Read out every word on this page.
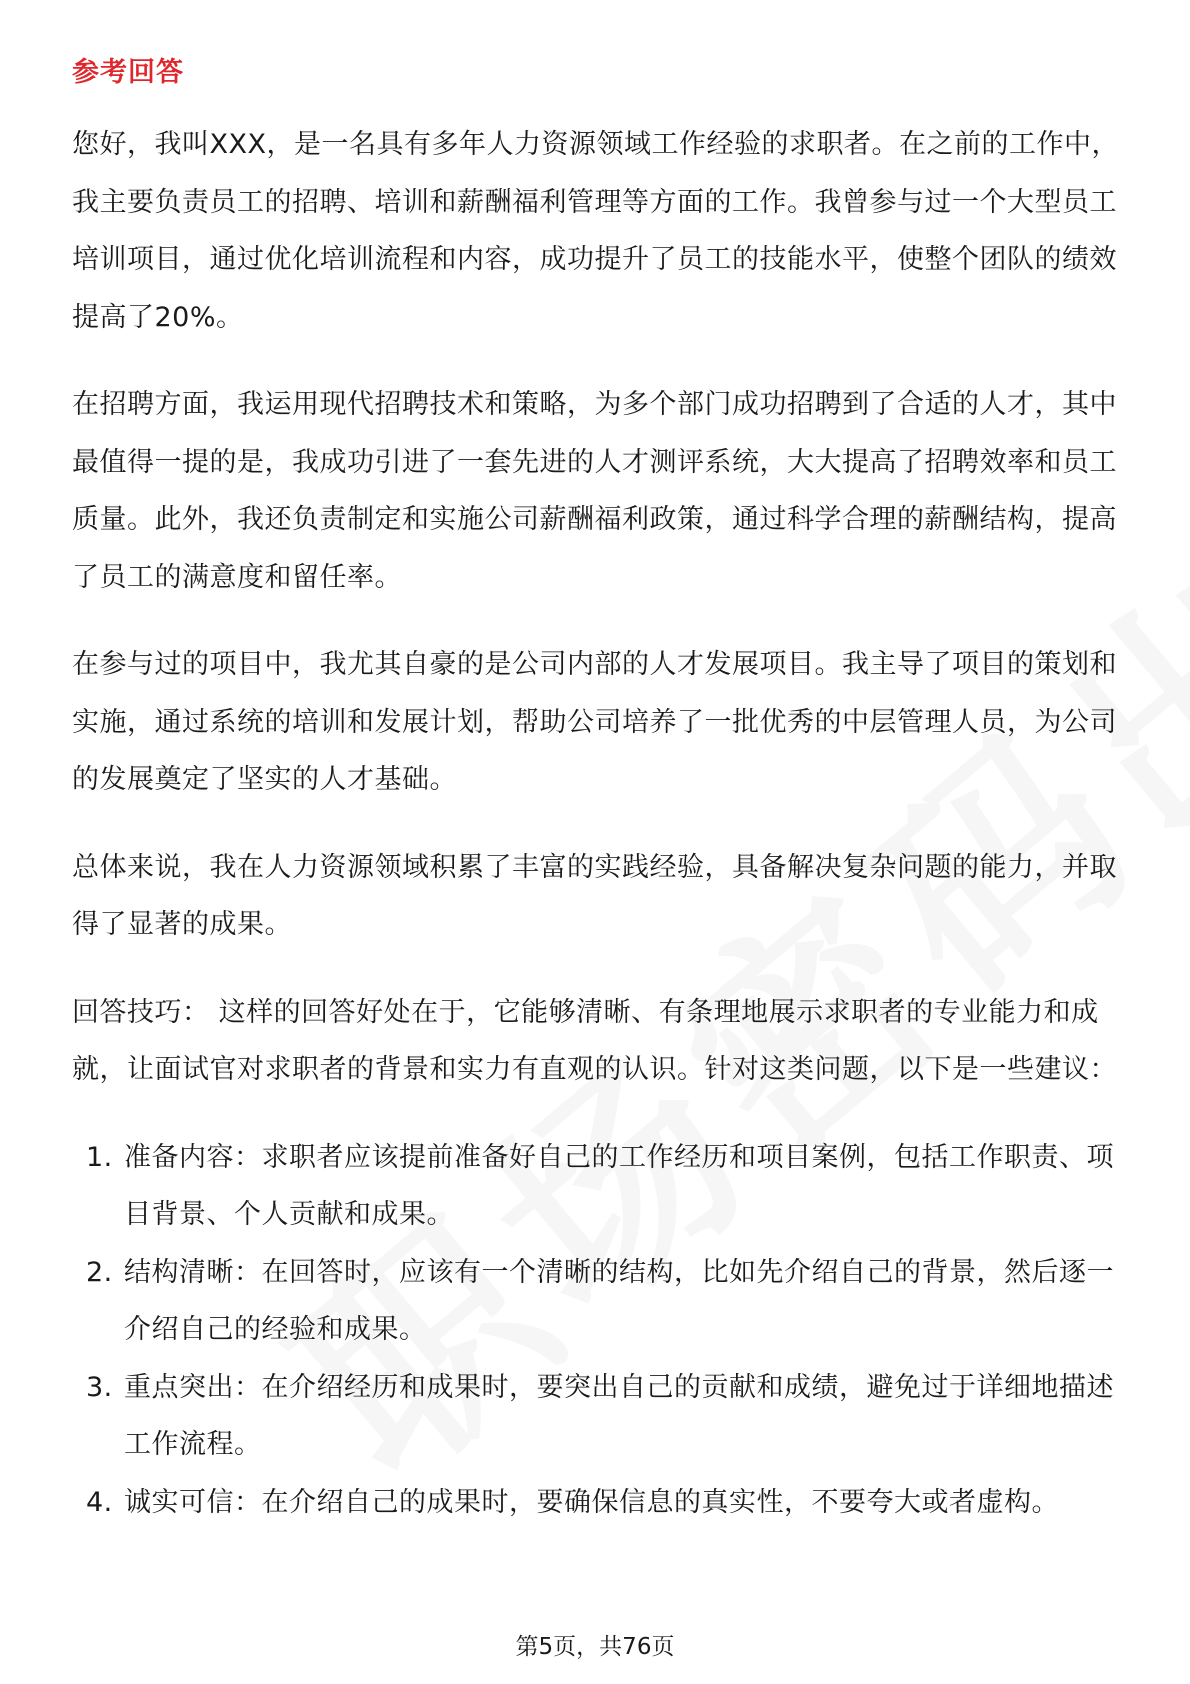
参考回答

您好，我叫XXX，是一名具有多年人力资源领域工作经验的求职者。在之前的工作中，我主要负责员工的招聘、培训和薪酬福利管理等方面的工作。我曾参与过一个大型员工培训项目，通过优化培训流程和内容，成功提升了员工的技能水平，使整个团队的绩效提高了20%。

在招聘方面，我运用现代招聘技术和策略，为多个部门成功招聘到了合适的人才，其中最值得一提的是，我成功引进了一套先进的人才测评系统，大大提高了招聘效率和员工质量。此外，我还负责制定和实施公司薪酬福利政策，通过科学合理的薪酬结构，提高了员工的满意度和留任率。

在参与过的项目中，我尤其自豪的是公司内部的人才发展项目。我主导了项目的策划和实施，通过系统的培训和发展计划，帮助公司培养了一批优秀的中层管理人员，为公司的发展奠定了坚实的人才基础。

总体来说，我在人力资源领域积累了丰富的实践经验，具备解决复杂问题的能力，并取得了显著的成果。

回答技巧： 这样的回答好处在于，它能够清晰、有条理地展示求职者的专业能力和成就，让面试官对求职者的背景和实力有直观的认识。针对这类问题，以下是一些建议：

1. 准备内容：求职者应该提前准备好自己的工作经历和项目案例，包括工作职责、项目背景、个人贡献和成果。
2. 结构清晰：在回答时，应该有一个清晰的结构，比如先介绍自己的背景，然后逐一介绍自己的经验和成果。
3. 重点突出：在介绍经历和成果时，要突出自己的贡献和成绩，避免过于详细地描述工作流程。
4. 诚实可信：在介绍自己的成果时，要确保信息的真实性，不要夸大或者虚构。
第5页，共76页
